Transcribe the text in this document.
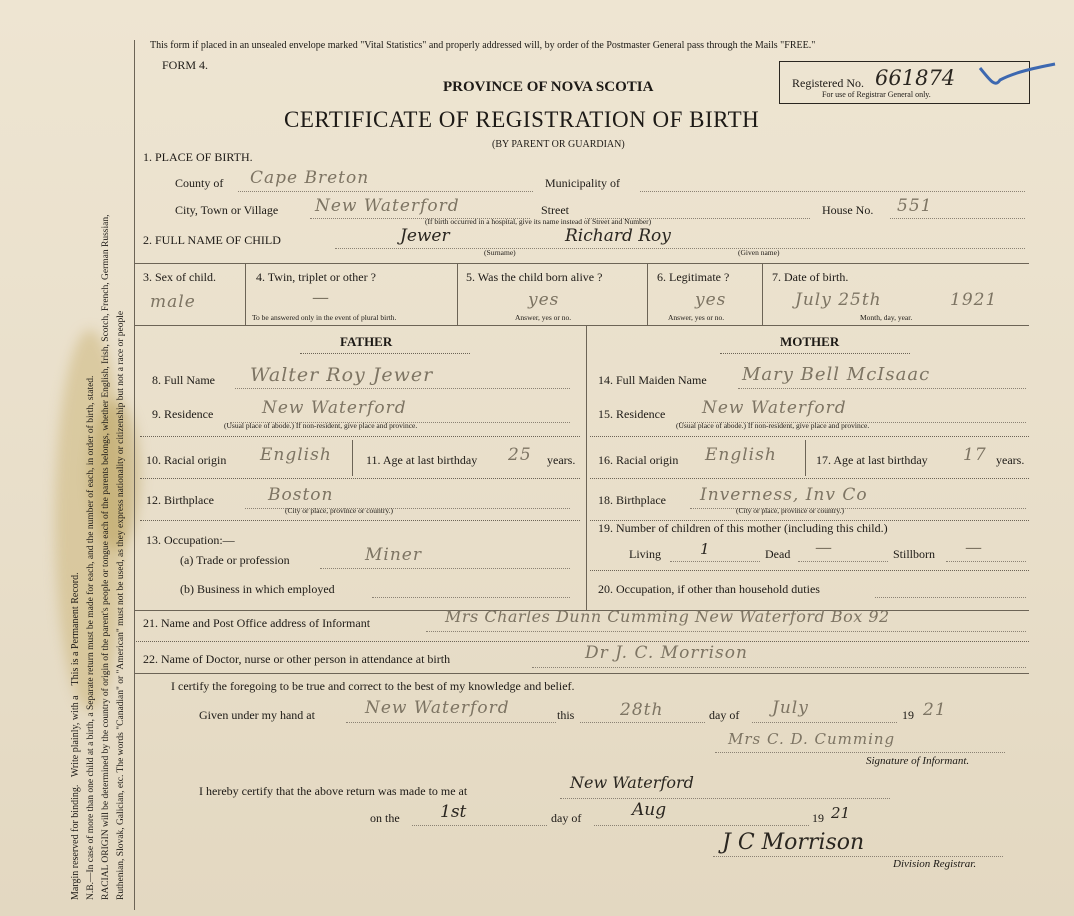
Margin reserved for binding.   Write plainly, with a    This is a Permanent Record. N.B.—In case of more than one child at a birth, a Separate return must be made for each, and the number of each, in order of birth, stated. RACIAL ORIGIN will be determined by the country of origin of the parent's people or tongue each of the parents belongs, whether English, Irish, Scotch, French, German Russian, Ruthenian, Slovak, Galician, etc. The words "Canadian" or "American" must not be used, as they express nationality or citizenship but not a race or people
This form if placed in an unsealed envelope marked "Vital Statistics" and properly addressed will, by order of the Postmaster General pass through the Mails "FREE."
FORM 4.
PROVINCE OF NOVA SCOTIA
CERTIFICATE OF REGISTRATION OF BIRTH
(BY PARENT OR GUARDIAN)
Registered No. 661874
For use of Registrar General only.
1. PLACE OF BIRTH.
County of Cape Breton	Municipality of
City, Town or Village New Waterford	Street	House No. 551
(If birth occurred in a hospital, give its name instead of Street and Number)
2. FULL NAME OF CHILD	Jewer	Richard Roy
(Surname)	(Given name)
3. Sex of child.
male
4. Twin, triplet or other ?
—
To be answered only in the event of plural birth.
5. Was the child born alive ?
yes
Answer, yes or no.
6. Legitimate ?
yes
Answer, yes or no.
7. Date of birth.
July 25th	1921
Month, day, year.
FATHER	MOTHER
8. Full Name Walter Roy Jewer
9. Residence	New Waterford
(Usual place of abode.) If non-resident, give place and province.
10. Racial origin English	11. Age at last birthday 25 years.
12. Birthplace	Boston
(City or place, province or country.)
13. Occupation:—
(a) Trade or profession	Miner
(b) Business in which employed
14. Full Maiden Name Mary Bell McIsaac
15. Residence New Waterford
(Usual place of abode.) If non-resident, give place and province.
16. Racial origin English	17. Age at last birthday 17 years.
18. Birthplace Inverness, Inv Co
(City or place, province or country.)
19. Number of children of this mother (including this child.)
Living	1	Dead —	Stillborn —
20. Occupation, if other than household duties
21. Name and Post Office address of Informant	Mrs Charles Dunn Cumming New Waterford Box 92
22. Name of Doctor, nurse or other person in attendance at birth	Dr J. C. Morrison
I certify the foregoing to be true and correct to the best of my knowledge and belief.
Given under my hand at	New Waterford	this	28th	day of July	19 21
Mrs C. D. Cumming
Signature of Informant.
I hereby certify that the above return was made to me at	New Waterford
on the 1st	day of	Aug	19 21
J C Morrison
Division Registrar.
